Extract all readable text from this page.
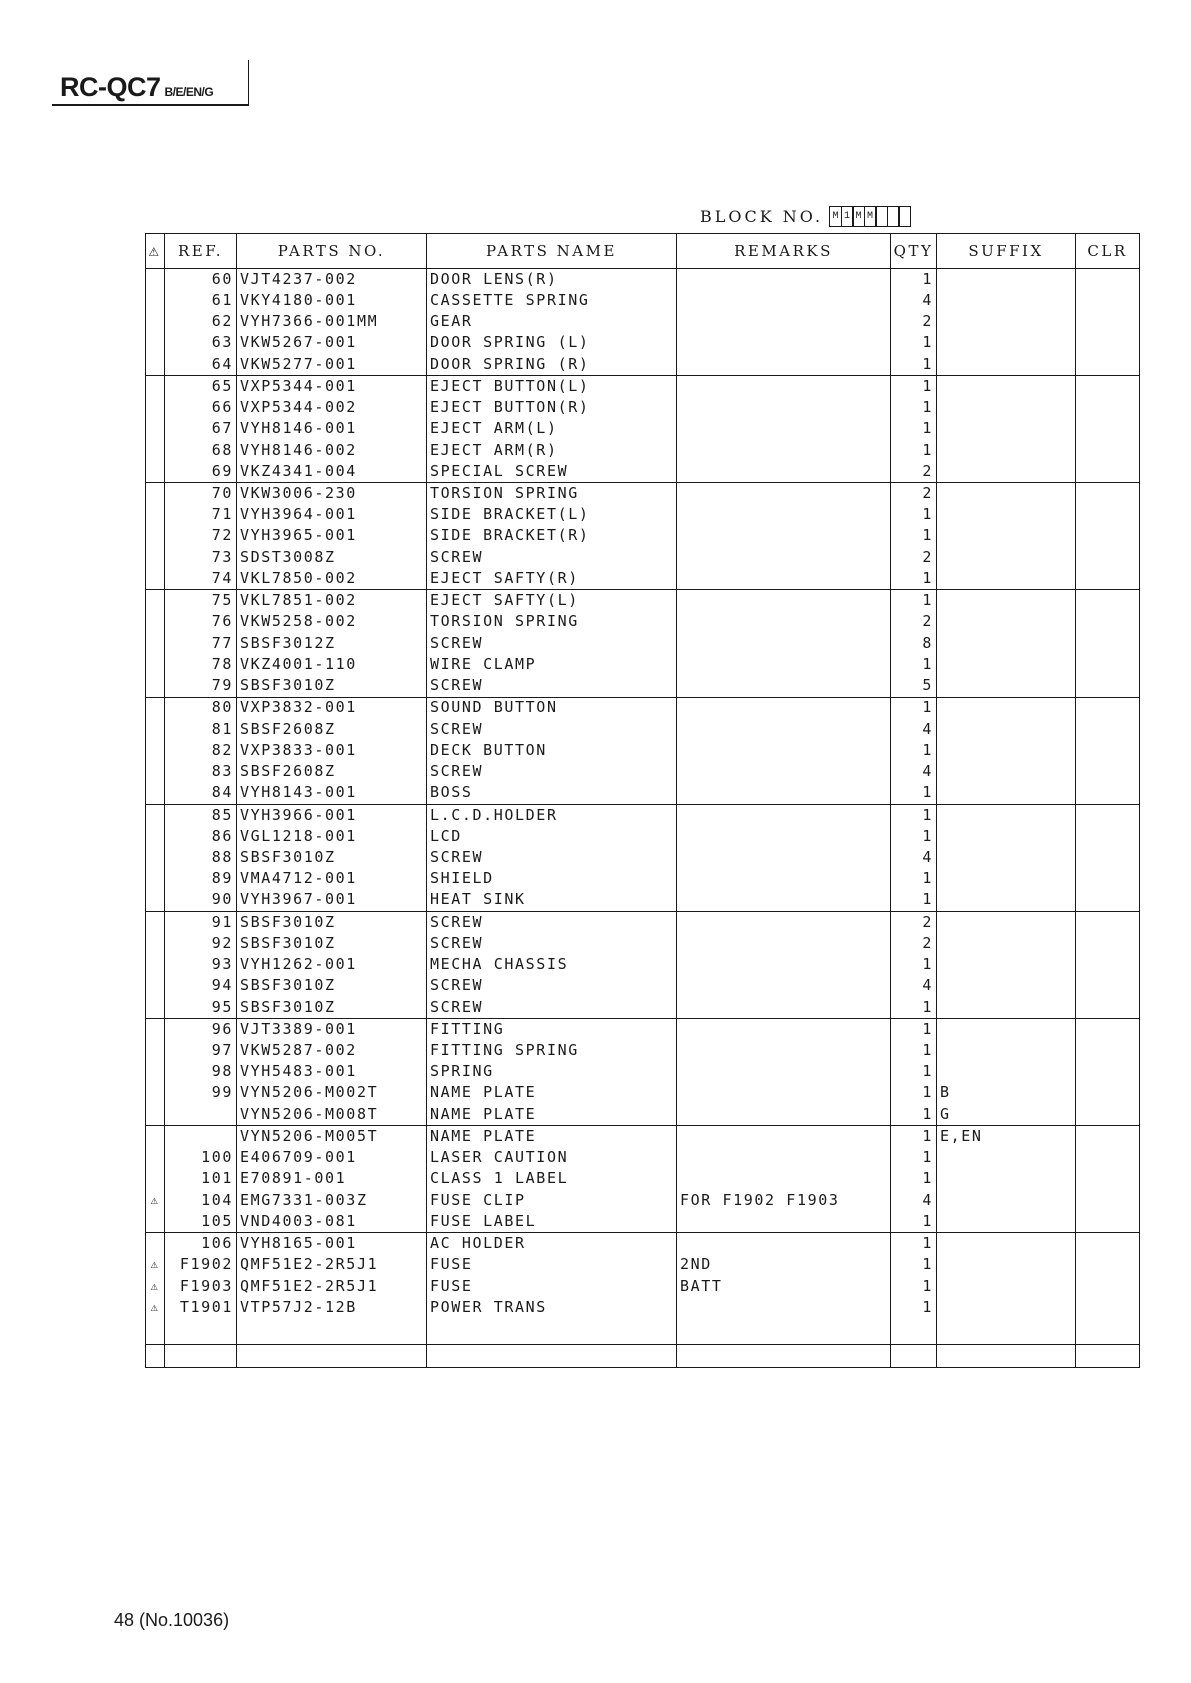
RC-QC7 B/E/EN/G
BLOCK NO. M 1 M M
⚠	REF.	PARTS NO.	PARTS NAME	REMARKS	QTY	SUFFIX	CLR
	60	VJT4237-002	DOOR LENS(R)		1		
	61	VKY4180-001	CASSETTE SPRING		4		
	62	VYH7366-001MM	GEAR		2		
	63	VKW5267-001	DOOR SPRING (L)		1		
	64	VKW5277-001	DOOR SPRING (R)		1		
	65	VXP5344-001	EJECT BUTTON(L)		1		
	66	VXP5344-002	EJECT BUTTON(R)		1		
	67	VYH8146-001	EJECT ARM(L)		1		
	68	VYH8146-002	EJECT ARM(R)		1		
	69	VKZ4341-004	SPECIAL SCREW		2		
	70	VKW3006-230	TORSION SPRING		2		
	71	VYH3964-001	SIDE BRACKET(L)		1		
	72	VYH3965-001	SIDE BRACKET(R)		1		
	73	SDST3008Z	SCREW		2		
	74	VKL7850-002	EJECT SAFTY(R)		1		
	75	VKL7851-002	EJECT SAFTY(L)		1		
	76	VKW5258-002	TORSION SPRING		2		
	77	SBSF3012Z	SCREW		8		
	78	VKZ4001-110	WIRE CLAMP		1		
	79	SBSF3010Z	SCREW		5		
	80	VXP3832-001	SOUND BUTTON		1		
	81	SBSF2608Z	SCREW		4		
	82	VXP3833-001	DECK BUTTON		1		
	83	SBSF2608Z	SCREW		4		
	84	VYH8143-001	BOSS		1		
	85	VYH3966-001	L.C.D.HOLDER		1		
	86	VGL1218-001	LCD		1		
	88	SBSF3010Z	SCREW		4		
	89	VMA4712-001	SHIELD		1		
	90	VYH3967-001	HEAT SINK		1		
	91	SBSF3010Z	SCREW		2		
	92	SBSF3010Z	SCREW		2		
	93	VYH1262-001	MECHA CHASSIS		1		
	94	SBSF3010Z	SCREW		4		
	95	SBSF3010Z	SCREW		1		
	96	VJT3389-001	FITTING		1		
	97	VKW5287-002	FITTING SPRING		1		
	98	VYH5483-001	SPRING		1		
	99	VYN5206-M002T	NAME PLATE		1	B	
		VYN5206-M008T	NAME PLATE		1	G	
		VYN5206-M005T	NAME PLATE		1	E,EN	
	100	E406709-001	LASER CAUTION		1		
	101	E70891-001	CLASS 1 LABEL		1		
⚠	104	EMG7331-003Z	FUSE CLIP	FOR F1902 F1903	4		
	105	VND4003-081	FUSE LABEL		1		
	106	VYH8165-001	AC HOLDER		1		
⚠	F1902	QMF51E2-2R5J1	FUSE	2ND	1		
⚠	F1903	QMF51E2-2R5J1	FUSE	BATT	1		
⚠	T1901	VTP57J2-12B	POWER TRANS		1		

48 (No.10036)
